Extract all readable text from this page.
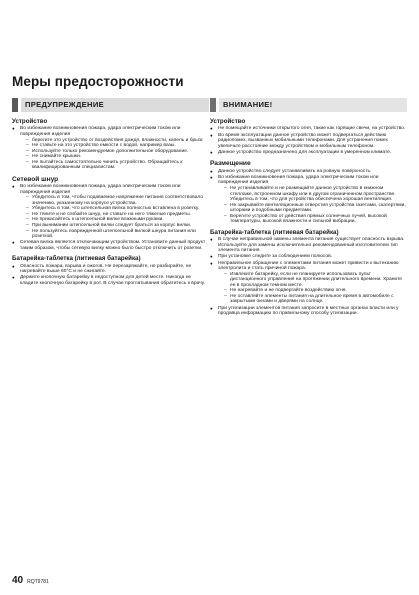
Меры предосторожности
ПРЕДУПРЕЖДЕНИЕ
Устройство
● Во избежание возникновения пожара, удара электрическим током или повреждения изделия
– берегите это устройство от воздействия дождя, влажности, капель и брызг.
– Не ставьте на это устройство емкости с водой, например вазы.
– Используйте только рекомендуемое дополнительное оборудование.
– Не снимайте крышки.
– Не пытайтесь самостоятельно чинить устройство. Обращайтесь к квалифицированным специалистам.
Сетевой шнур
● Во избежание возникновения пожара, удара электрическим током или повреждения изделия
– Убедитесь в том, чтобы подаваемое напряжение питания соответствовало значению, указанному на корпусе устройства.
– Убедитесь в том, что штепсельная вилка полностью вставлена в розетку.
– Не тяните и не сгибайте шнур, не ставьте на него тяжелые предметы.
– Не прикасайтесь к штепсельной вилке влажными руками.
– При вынимании штепсельной вилки следует браться за корпус вилки.
– Не пользуйтесь поврежденной штепсельной вилкой шнура питания или розеткой.
● Сетевая вилка является отключающим устройством. Установите данный продукт таким образом, чтобы сетевую вилку можно было быстро отключить от розетки.
Батарейка-таблетка (литиевая батарейка)
● Опасность пожара, взрыва и ожогов. Не перезаряжайте, не разбирайте, не нагревайте выше 60°C и не сжигайте.
● Держите кнопочную батарейку в недоступном для детей месте. Никогда не кладите кнопочную батарейку в рот. В случае проглатывания обратитесь к врачу.
ВНИМАНИЕ!
Устройство
● Не помещайте источники открытого огня, такие как горящие свечи, на устройство.
● Во время эксплуатации данное устройство может подвергаться действию радиопомех, вызванных мобильными телефонами. Для устранения помех увеличьте расстояние между устройством и мобильным телефоном.
● Данное устройство предназначено для эксплуатации в умеренном климате.
Размещение
● Данное устройство следует устанавливать на ровную поверхность.
● Во избежание возникновения пожара, удара электрическим током или повреждения изделия
– Не устанавливайте и не размещайте данное устройство в книжном стеллаже, встроенном шкафу или в другом ограниченном пространстве. Убедитесь в том, что для устройства обеспечена хорошая вентиляция.
– Не закрывайте вентиляционные отверстия устройства газетами, скатертями, шторами и подобными предметами.
– Берегите устройство от действия прямых солнечных лучей, высокой температуры, высокой влажности и сильной вибрации.
Батарейка-таблетка (литиевая батарейка)
● В случае неправильной замены элемента питания существует опасность взрыва. Используйте для замены исключительно рекомендованный изготовителем тип элемента питания.
● При установке следите за соблюдением полюсов.
● Неправильное обращение с элементами питания может привести к вытеканию электролита и стать причиной пожара.
– Извлеките батарейку, если не планируете использовать пульт дистанционного управления на протяжении длительного времени. Храните ее в прохладном темном месте.
– Не нагревайте и не подвергайте воздействию огня.
– Не оставляйте элементы питания на длительное время в автомобиле с закрытыми окнами и дверями на солнце.
● При утилизации элементов питания запросите в местных органах власти или у продавца информацию по правильному способу утилизации.
40 RQT9781
